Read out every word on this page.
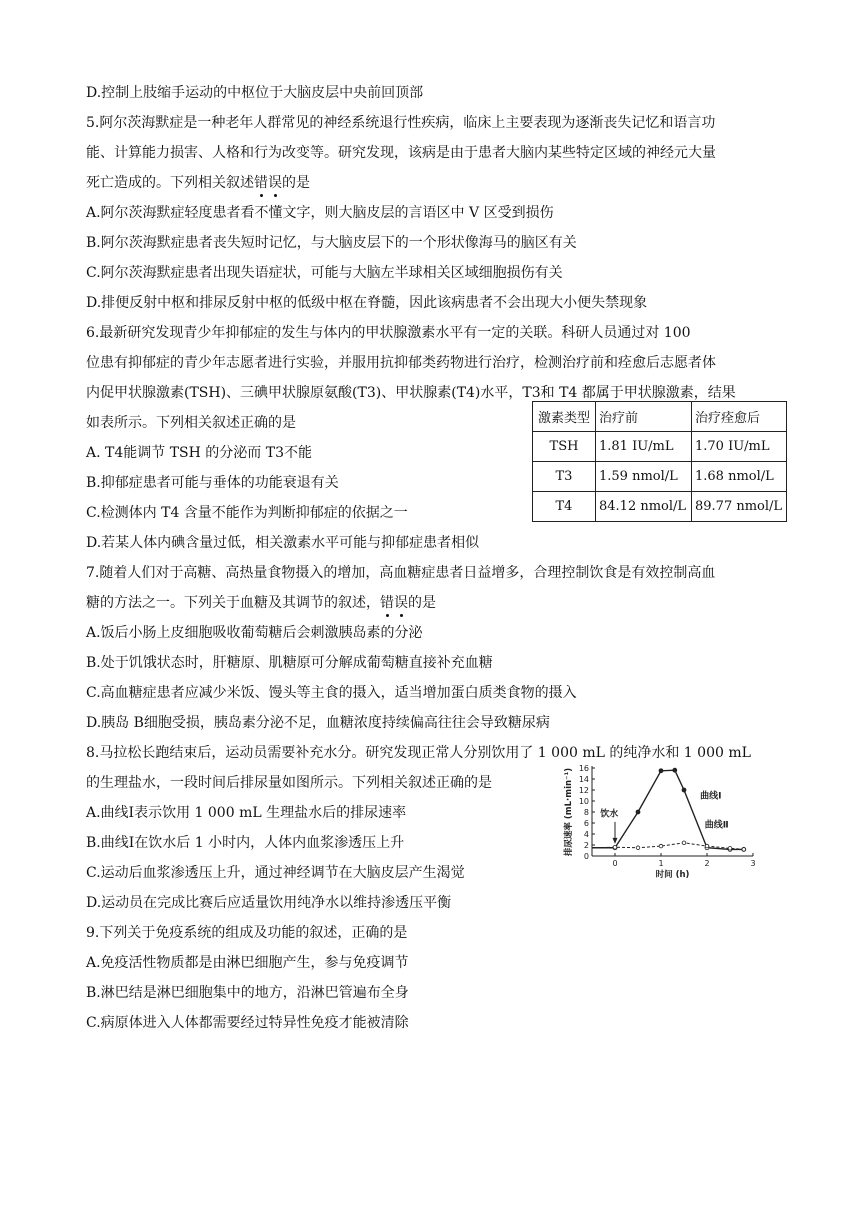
D.控制上肢缩手运动的中枢位于大脑皮层中央前回顶部
5.阿尔茨海默症是一种老年人群常见的神经系统退行性疾病，临床上主要表现为逐渐丧失记忆和语言功
能、计算能力损害、人格和行为改变等。研究发现，该病是由于患者大脑内某些特定区域的神经元大量
死亡造成的。下列相关叙述错误的是
A.阿尔茨海默症轻度患者看不懂文字，则大脑皮层的言语区中 V 区受到损伤
B.阿尔茨海默症患者丧失短时记忆，与大脑皮层下的一个形状像海马的脑区有关
C.阿尔茨海默症患者出现失语症状，可能与大脑左半球相关区域细胞损伤有关
D.排便反射中枢和排尿反射中枢的低级中枢在脊髓，因此该病患者不会出现大小便失禁现象
6.最新研究发现青少年抑郁症的发生与体内的甲状腺激素水平有一定的关联。科研人员通过对 100
位患有抑郁症的青少年志愿者进行实验，并服用抗抑郁类药物进行治疗，检测治疗前和痊愈后志愿者体
内促甲状腺激素(TSH)、三碘甲状腺原氨酸(T3)、甲状腺素(T4)水平，T3和 T4 都属于甲状腺激素，结果
如表所示。下列相关叙述正确的是
A. T4能调节 TSH 的分泌而 T3不能
B.抑郁症患者可能与垂体的功能衰退有关
C.检测体内 T4 含量不能作为判断抑郁症的依据之一
D.若某人体内碘含量过低，相关激素水平可能与抑郁症患者相似
激素类型	治疗前	治疗痊愈后
TSH	1.81 IU/mL	1.70 IU/mL
T3	1.59 nmol/L	1.68 nmol/L
T4	84.12 nmol/L	89.77 nmol/L
7.随着人们对于高糖、高热量食物摄入的增加，高血糖症患者日益增多，合理控制饮食是有效控制高血
糖的方法之一。下列关于血糖及其调节的叙述，错误的是
A.饭后小肠上皮细胞吸收葡萄糖后会刺激胰岛素的分泌
B.处于饥饿状态时，肝糖原、肌糖原可分解成葡萄糖直接补充血糖
C.高血糖症患者应减少米饭、馒头等主食的摄入，适当增加蛋白质类食物的摄入
D.胰岛 B细胞受损，胰岛素分泌不足，血糖浓度持续偏高往往会导致糖尿病
8.马拉松长跑结束后，运动员需要补充水分。研究发现正常人分别饮用了 1 000 mL 的纯净水和 1 000 mL
的生理盐水，一段时间后排尿量如图所示。下列相关叙述正确的是
A.曲线Ⅰ表示饮用 1 000 mL 生理盐水后的排尿速率
B.曲线Ⅰ在饮水后 1 小时内，人体内血浆渗透压上升
C.运动后血浆渗透压上升，通过神经调节在大脑皮层产生渴觉
D.运动员在完成比赛后应适量饮用纯净水以维持渗透压平衡
9.下列关于免疫系统的组成及功能的叙述，正确的是
A.免疫活性物质都是由淋巴细胞产生，参与免疫调节
B.淋巴结是淋巴细胞集中的地方，沿淋巴管遍布全身
C.病原体进入人体都需要经过特异性免疫才能被清除
0
2
4
6
8
10
12
14
16
0	1	2	3
时间 (h)
排尿速率 (mL·min⁻¹)	曲线Ⅰ
曲线Ⅱ
饮水
